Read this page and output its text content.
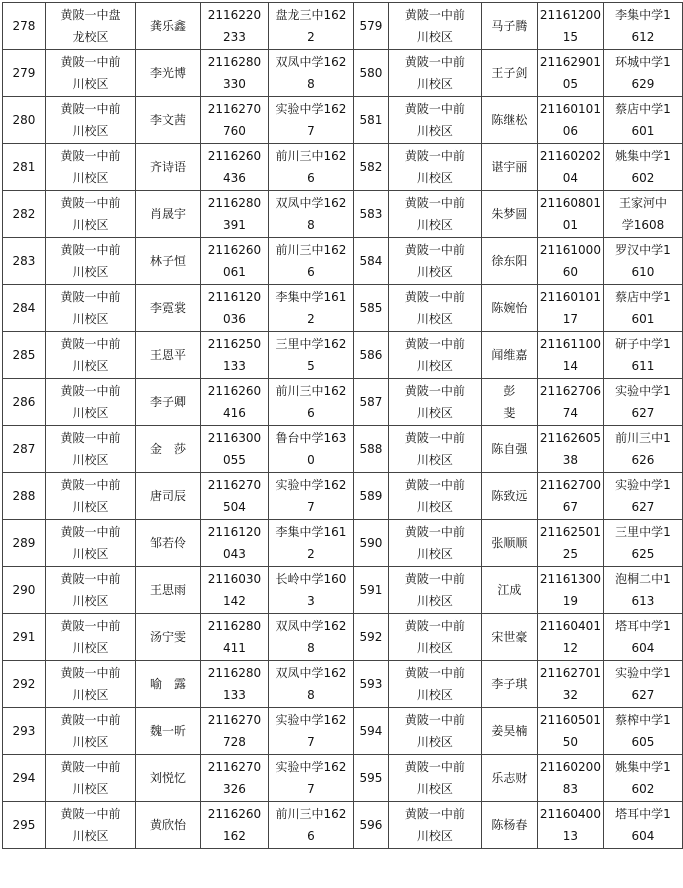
278	黄陂一中盘
龙校区	龚乐鑫	2116220
233	盘龙三中162
2	579	黄陂一中前
川校区	马子腾	21161200
15	李集中学1
612

279	黄陂一中前
川校区	李光博	2116280
330	双凤中学162
8	580	黄陂一中前
川校区	王子剑	21162901
05	环城中学1
629

280	黄陂一中前
川校区	李文茜	2116270
760	实验中学162
7	581	黄陂一中前
川校区	陈继松	21160101
06	蔡店中学1
601

281	黄陂一中前
川校区	齐诗语	2116260
436	前川三中162
6	582	黄陂一中前
川校区	谌宇丽	21160202
04	姚集中学1
602

282	黄陂一中前
川校区	肖晟宇	2116280
391	双凤中学162
8	583	黄陂一中前
川校区	朱梦圆	21160801
01	王家河中
学1608

283	黄陂一中前
川校区	林子恒	2116260
061	前川三中162
6	584	黄陂一中前
川校区	徐东阳	21161000
60	罗汉中学1
610

284	黄陂一中前
川校区	李霓裳	2116120
036	李集中学161
2	585	黄陂一中前
川校区	陈婉怡	21160101
17	蔡店中学1
601

285	黄陂一中前
川校区	王恩平	2116250
133	三里中学162
5	586	黄陂一中前
川校区	闻维嘉	21161100
14	研子中学1
611

286	黄陂一中前
川校区	李子卿	2116260
416	前川三中162
6	587	黄陂一中前
川校区	彭
斐	21162706
74	实验中学1
627

287	黄陂一中前
川校区	金　莎	2116300
055	鲁台中学163
0	588	黄陂一中前
川校区	陈自强	21162605
38	前川三中1
626

288	黄陂一中前
川校区	唐司辰	2116270
504	实验中学162
7	589	黄陂一中前
川校区	陈致远	21162700
67	实验中学1
627

289	黄陂一中前
川校区	邹若伶	2116120
043	李集中学161
2	590	黄陂一中前
川校区	张顺顺	21162501
25	三里中学1
625

290	黄陂一中前
川校区	王思雨	2116030
142	长岭中学160
3	591	黄陂一中前
川校区	江成	21161300
19	泡桐二中1
613

291	黄陂一中前
川校区	汤宁雯	2116280
411	双凤中学162
8	592	黄陂一中前
川校区	宋世豪	21160401
12	塔耳中学1
604

292	黄陂一中前
川校区	喻　露	2116280
133	双凤中学162
8	593	黄陂一中前
川校区	李子琪	21162701
32	实验中学1
627

293	黄陂一中前
川校区	魏一昕	2116270
728	实验中学162
7	594	黄陂一中前
川校区	姜昊楠	21160501
50	蔡榨中学1
605

294	黄陂一中前
川校区	刘悦忆	2116270
326	实验中学162
7	595	黄陂一中前
川校区	乐志财	21160200
83	姚集中学1
602

295	黄陂一中前
川校区	黄欣怡	2116260
162	前川三中162
6	596	黄陂一中前
川校区	陈杨春	21160400
13	塔耳中学1
604
